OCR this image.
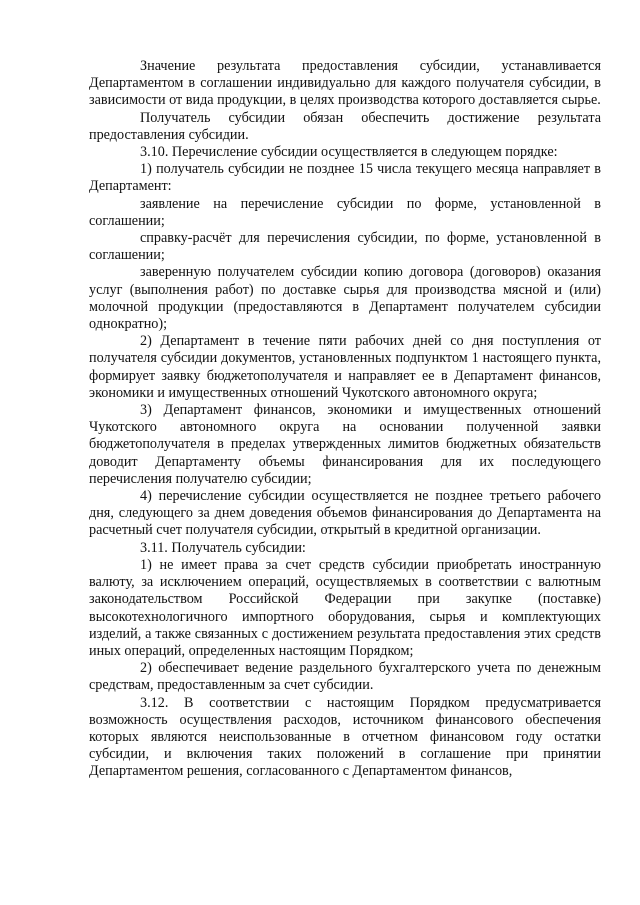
Значение результата предоставления субсидии, устанавливается Департаментом в соглашении индивидуально для каждого получателя субсидии, в зависимости от вида продукции, в целях производства которого доставляется сырье.

Получатель субсидии обязан обеспечить достижение результата предоставления субсидии.

3.10. Перечисление субсидии осуществляется в следующем порядке:

1) получатель субсидии не позднее 15 числа текущего месяца направляет в Департамент:

заявление на перечисление субсидии по форме, установленной в соглашении;

справку-расчёт для перечисления субсидии, по форме, установленной в соглашении;

заверенную получателем субсидии копию договора (договоров) оказания услуг (выполнения работ) по доставке сырья для производства мясной и (или) молочной продукции (предоставляются в Департамент получателем субсидии однократно);

2) Департамент в течение пяти рабочих дней со дня поступления от получателя субсидии документов, установленных подпунктом 1 настоящего пункта, формирует заявку бюджетополучателя и направляет ее в Департамент финансов, экономики и имущественных отношений Чукотского автономного округа;

3) Департамент финансов, экономики и имущественных отношений Чукотского автономного округа на основании полученной заявки бюджетополучателя в пределах утвержденных лимитов бюджетных обязательств доводит Департаменту объемы финансирования для их последующего перечисления получателю субсидии;

4) перечисление субсидии осуществляется не позднее третьего рабочего дня, следующего за днем доведения объемов финансирования до Департамента на расчетный счет получателя субсидии, открытый в кредитной организации.

3.11. Получатель субсидии:

1) не имеет права за счет средств субсидии приобретать иностранную валюту, за исключением операций, осуществляемых в соответствии с валютным законодательством Российской Федерации при закупке (поставке) высокотехнологичного импортного оборудования, сырья и комплектующих изделий, а также связанных с достижением результата предоставления этих средств иных операций, определенных настоящим Порядком;

2) обеспечивает ведение раздельного бухгалтерского учета по денежным средствам, предоставленным за счет субсидии.

3.12. В соответствии с настоящим Порядком предусматривается возможность осуществления расходов, источником финансового обеспечения которых являются неиспользованные в отчетном финансовом году остатки субсидии, и включения таких положений в соглашение при принятии Департаментом решения, согласованного с Департаментом финансов,
